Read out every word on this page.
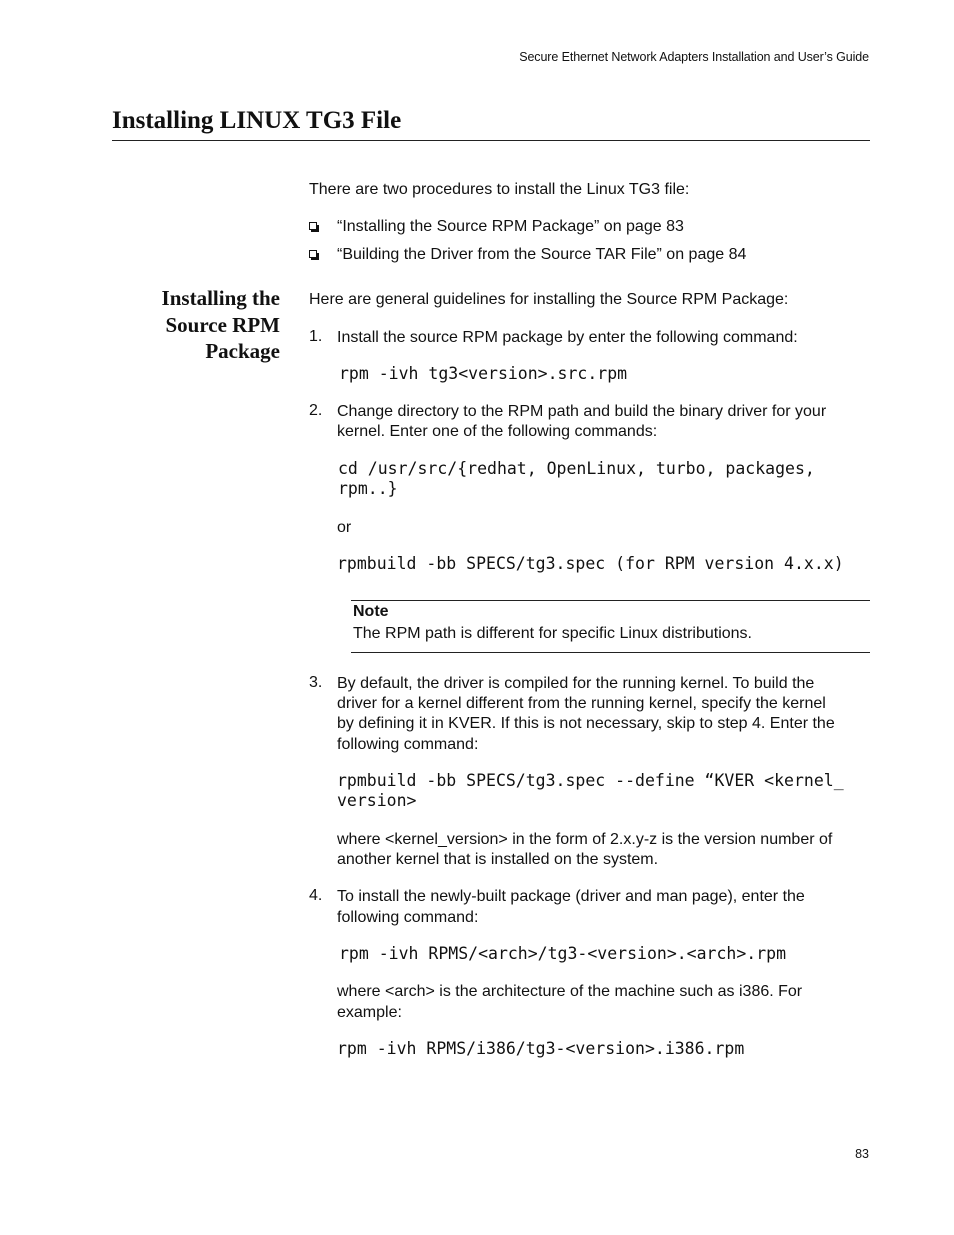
Secure Ethernet Network Adapters Installation and User’s Guide
Installing LINUX TG3 File

There are two procedures to install the Linux TG3 file:

“Installing the Source RPM Package” on page 83

“Building the Driver from the Source TAR File” on page 84

Installing the
Source RPM
Package

Here are general guidelines for installing the Source RPM Package:

1. Install the source RPM package by enter the following command:

rpm -ivh tg3<version>.src.rpm

2. Change directory to the RPM path and build the binary driver for your

kernel. Enter one of the following commands:

cd /usr/src/{redhat, OpenLinux, turbo, packages,

rpm..}

or

rpmbuild -bb SPECS/tg3.spec (for RPM version 4.x.x)

Note

The RPM path is different for specific Linux distributions.

3. By default, the driver is compiled for the running kernel. To build the

driver for a kernel different from the running kernel, specify the kernel

by defining it in KVER. If this is not necessary, skip to step 4. Enter the

following command:

rpmbuild -bb SPECS/tg3.spec --define “KVER <kernel_

version>

where <kernel_version> in the form of 2.x.y-z is the version number of

another kernel that is installed on the system.

4. To install the newly-built package (driver and man page), enter the

following command:

rpm -ivh RPMS/<arch>/tg3-<version>.<arch>.rpm

where <arch> is the architecture of the machine such as i386. For

example:

rpm -ivh RPMS/i386/tg3-<version>.i386.rpm

83
